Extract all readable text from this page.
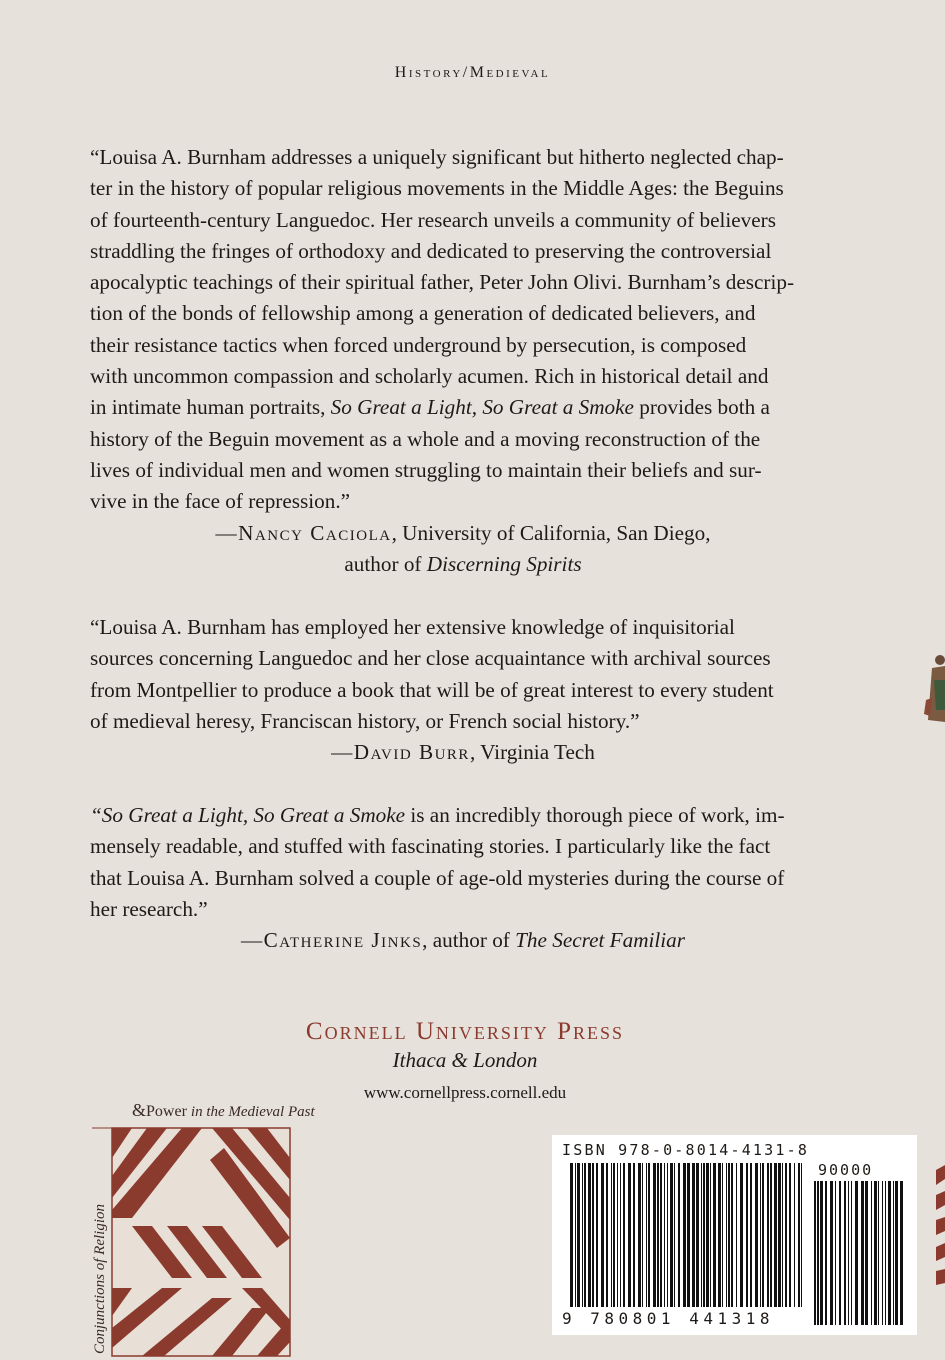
History/Medieval

“Louisa A. Burnham addresses a uniquely significant but hitherto neglected chap-

ter in the history of popular religious movements in the Middle Ages: the Beguins

of fourteenth-century Languedoc. Her research unveils a community of believers

straddling the fringes of orthodoxy and dedicated to preserving the controversial

apocalyptic teachings of their spiritual father, Peter John Olivi. Burnham’s descrip-

tion of the bonds of fellowship among a generation of dedicated believers, and

their resistance tactics when forced underground by persecution, is composed

with uncommon compassion and scholarly acumen. Rich in historical detail and

in intimate human portraits, So Great a Light, So Great a Smoke provides both a

history of the Beguin movement as a whole and a moving reconstruction of the

lives of individual men and women struggling to maintain their beliefs and sur-

vive in the face of repression.”

—Nancy Caciola, University of California, San Diego,

author of Discerning Spirits

“Louisa A. Burnham has employed her extensive knowledge of inquisitorial

sources concerning Languedoc and her close acquaintance with archival sources

from Montpellier to produce a book that will be of great interest to every student

of medieval heresy, Franciscan history, or French social history.”

—David Burr, Virginia Tech

“So Great a Light, So Great a Smoke is an incredibly thorough piece of work, im-

mensely readable, and stuffed with fascinating stories. I particularly like the fact

that Louisa A. Burnham solved a couple of age-old mysteries during the course of

her research.”

—Catherine Jinks, author of The Secret Familiar

Cornell University Press
Ithaca & London
www.cornellpress.cornell.edu
&Power in the Medieval Past
Conjunctions of Religion
ISBN 978-0-8014-4131-8
90000
9 780801 441318
